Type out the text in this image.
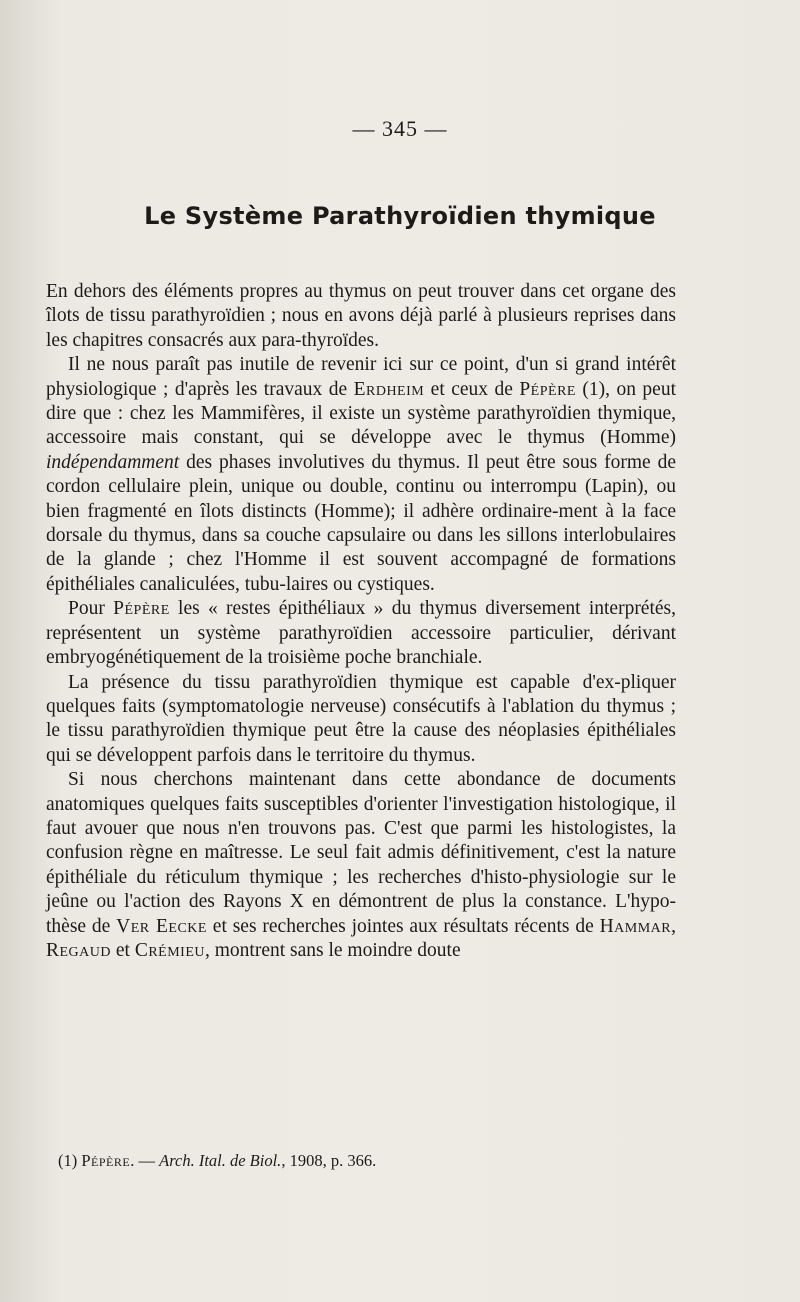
— 345 —
Le Système Parathyroïdien thymique

En dehors des éléments propres au thymus on peut trouver dans cet organe des îlots de tissu parathyroïdien ; nous en avons déjà parlé à plusieurs reprises dans les chapitres consacrés aux para-thyroïdes.

Il ne nous paraît pas inutile de revenir ici sur ce point, d'un si grand intérêt physiologique ; d'après les travaux de Erdheim et ceux de Pépère (1), on peut dire que : chez les Mammifères, il existe un système parathyroïdien thymique, accessoire mais constant, qui se développe avec le thymus (Homme) indépendamment des phases involutives du thymus. Il peut être sous forme de cordon cellulaire plein, unique ou double, continu ou interrompu (Lapin), ou bien fragmenté en îlots distincts (Homme); il adhère ordinaire-ment à la face dorsale du thymus, dans sa couche capsulaire ou dans les sillons interlobulaires de la glande ; chez l'Homme il est souvent accompagné de formations épithéliales canaliculées, tubu-laires ou cystiques.

Pour Pépère les « restes épithéliaux » du thymus diversement interprétés, représentent un système parathyroïdien accessoire particulier, dérivant embryogénétiquement de la troisième poche branchiale.

La présence du tissu parathyroïdien thymique est capable d'ex-pliquer quelques faits (symptomatologie nerveuse) consécutifs à l'ablation du thymus ; le tissu parathyroïdien thymique peut être la cause des néoplasies épithéliales qui se développent parfois dans le territoire du thymus.

Si nous cherchons maintenant dans cette abondance de documents anatomiques quelques faits susceptibles d'orienter l'investigation histologique, il faut avouer que nous n'en trouvons pas. C'est que parmi les histologistes, la confusion règne en maîtresse. Le seul fait admis définitivement, c'est la nature épithéliale du réticulum thymique ; les recherches d'histo-physiologie sur le jeûne ou l'action des Rayons X en démontrent de plus la constance. L'hypo-thèse de Ver Eecke et ses recherches jointes aux résultats récents de Hammar, Regaud et Crémieu, montrent sans le moindre doute

(1) Pépère. — Arch. Ital. de Biol., 1908, p. 366.
